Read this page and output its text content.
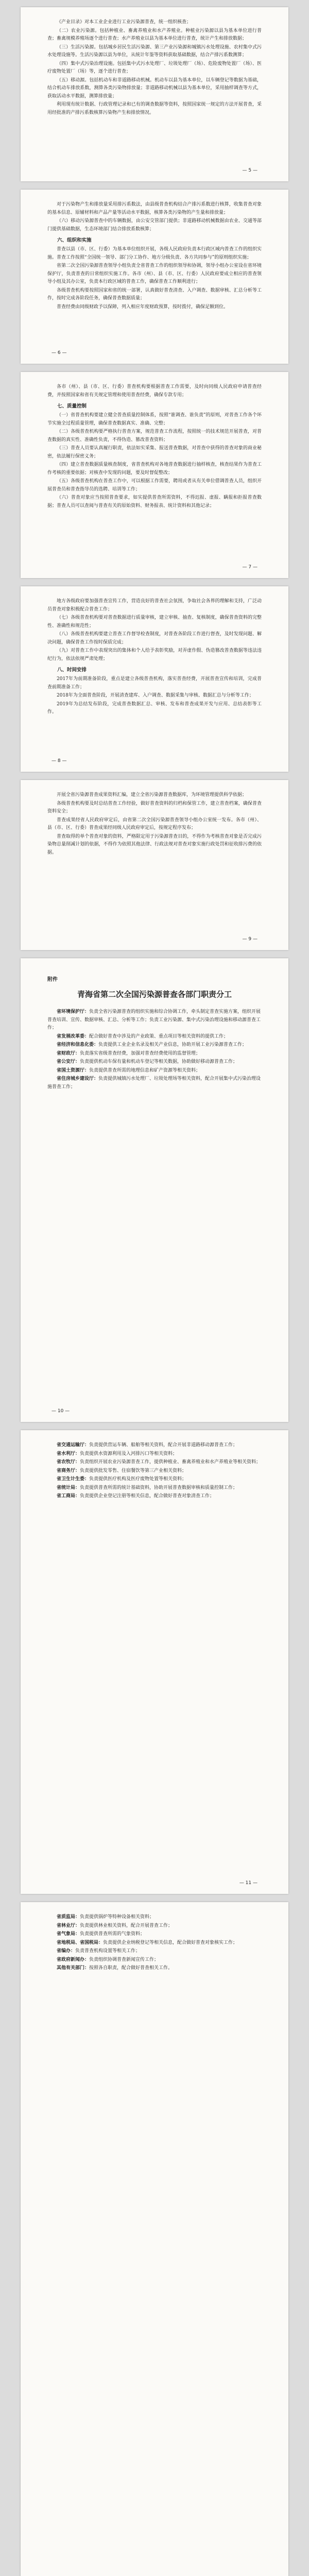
《产业目录》对本工业企业进行工业污染源普查，统一组织核查；

（二）农业污染源。包括种植业、畜禽养殖业和水产养殖业。种植业污染源以县为基本单位进行普查；畜禽规模养殖场逐个进行普查；水产养殖业以县为基本单位进行普查，统计产生和排放数据；

（三）生活污染源。包括城乡居民生活污染源、第三产业污染源和城镇污水处理设施、农村集中式污水处理设施等。生活污染源以县为单位，从统计年鉴等资料获取基础数据，结合产排污系数测算；

（四）集中式污染治理设施。包括集中式污水处理厂、垃圾处理厂（场）、危险废物处置厂（场）、医疗废物处置厂（场）等，逐个进行普查；

（五）移动源。包括机动车和非道路移动机械。机动车以县为基本单位，以车辆登记等数据为基础，结合机动车排放系数，测算各类污染物排放量；非道路移动机械以县为基本单位，采用抽样调查等方式，获取活动水平数据，测算排放量；

利用现有统计数据、行政管理记录和已有的调查数据等资料，按照国家统一规定的方法开展普查，采用经批准的产排污系数核算污染物产生和排放情况。

— 5 —

对于污染物产生和排放量采用排污系数法，由县级普查机构结合产排污系数进行核算，收集普查对象的基本信息、原辅材料和产品产量等活动水平数据，核算各类污染物的产生量和排放量；

（六）移动污染源普查中的车辆数据，由公安交管部门提供；非道路移动机械数据由农业、交通等部门提供基础数据，生态环境部门结合排放系数核算；

六、组织和实施

普查以县（市、区、行委）为基本单位组织开展，各级人民政府负责本行政区域内普查工作的组织实施。普查工作按照“全国统一领导、部门分工协作、地方分级负责、各方共同参与”的原则组织实施；

省第二次全国污染源普查领导小组负责全省普查工作的组织领导和协调，领导小组办公室设在省环境保护厅，负责普查的日常组织实施工作。各市（州）、县（市、区、行委）人民政府要成立相应的普查领导小组及其办公室，负责本行政区域的普查工作，确保普查工作顺利进行；

各级普查机构要按照国家和省的统一部署，认真做好普查清查、入户调查、数据审核、汇总分析等工作，按时完成各阶段任务，确保普查数据质量；

普查经费由同级财政予以保障，列入相应年度财政预算，按时拨付，确保足额到位。

— 6 —

各市（州）、县（市、区、行委）普查机构要根据普查工作需要，及时向同级人民政府申请普查经费，并按照国家和省有关规定管理和使用普查经费，确保专款专用；

七、质量控制

（一）省普查机构要建立健全普查质量控制体系，按照“谁调查、谁负责”的原则，对普查工作各个环节实施全过程质量管理，确保普查数据真实、准确、完整；

（二）各级普查机构要严格执行普查方案，规范普查工作流程，按照统一的技术规范开展普查，对普查数据的真实性、准确性负责，不得伪造、篡改普查资料；

（三）普查人员要认真履行职责，依法如实采集、报送普查数据，对普查中获得的普查对象的商业秘密，依法履行保密义务；

（四）建立普查数据质量核查制度，省普查机构对各地普查数据进行抽样核查，核查结果作为普查工作考核的重要依据；对核查中发现的问题，要及时督促整改；

（五）各级普查机构在普查工作中，可以根据工作需要，聘用或者从有关单位借调普查人员，组织开展普查员和普查指导员的选聘、培训等工作；

（六）普查对象应当按照普查要求，如实提供普查所需资料，不得迟报、虚报、瞒报和拒报普查数据；普查人员可以查阅与普查有关的原始资料、财务报表、统计资料和其他记录；

— 7 —

地方各级政府要加强普查宣传工作，营造良好的普查社会氛围，争取社会各界的理解和支持，广泛动员普查对象积极配合普查工作；

（七）各级普查机构要对普查数据进行质量审核，建立审核、抽查、复核制度，确保普查资料的完整性、准确性和规范性；

（八）各级普查机构要建立普查工作督导检查制度，对普查各阶段工作进行督查，及时发现问题、解决问题，确保普查工作按时保质完成；

（九）对普查工作中表现突出的集体和个人给予表彰奖励，对弄虚作假、伪造篡改普查数据等违法违纪行为，依法依规严肃处理；

八、时间安排

2017年为前期准备阶段，重点是建立各级普查机构，落实普查经费，开展普查宣传和培训，完成普查前期准备工作；

2018年为全面普查阶段，开展清查建库、入户调查、数据采集与审核、数据汇总与分析等工作；

2019年为总结发布阶段，完成普查数据汇总、审核、发布和普查成果开发与应用、总结表彰等工作。

— 8 —

开展全省污染源普查成果资料汇编，建立全省污染源普查数据库，为环境管理提供科学依据；

各级普查机构要及时总结普查工作经验，做好普查资料的归档和保管工作，建立普查档案，确保普查资料安全；

普查成果经省人民政府审定后，由省第二次全国污染源普查领导小组办公室统一发布。各市（州）、县（市、区、行委）普查成果经同级人民政府审定后，按规定程序发布；

普查取得的单个普查对象的资料，严格限定用于污染源普查目的，不得作为考核普查对象是否完成污染物总量削减计划的依据，不得作为依照其他法律、行政法规对普查对象实施行政处罚和征收排污费的依据。

— 9 —
附件
青海省第二次全国污染源普查各部门职责分工

省环境保护厅：负责全省污染源普查的组织实施和综合协调工作，牵头制定普查实施方案，组织开展普查培训、宣传、数据审核、汇总、分析等工作；负责工业污染源、集中式污染治理设施和移动源普查工作；

省发展改革委：配合做好普查中涉及的产业政策、重点项目等相关资料的提供工作；

省经济和信息化委：负责提供工业企业名录及相关产业信息，协助开展工业污染源普查工作；

省财政厅：负责落实省级普查经费，加强对普查经费使用的监督管理；

省公安厅：负责提供机动车保有量和机动车登记等相关数据，协助做好移动源普查工作；

省国土资源厅：负责提供普查所需的地理信息和矿产资源等相关资料；

省住房城乡建设厅：负责提供城镇污水处理厂、垃圾处理场等相关资料，配合开展集中式污染治理设施普查工作；

— 10 —

省交通运输厅：负责提供营运车辆、船舶等相关资料，配合开展非道路移动源普查工作；

省水利厅：负责提供水资源利用及入河排污口等相关资料；

省农牧厅：负责组织开展农业污染源普查工作，提供种植业、畜禽养殖业和水产养殖业等相关资料；

省商务厅：负责提供批发零售、住宿餐饮等第三产业相关资料；

省卫生计生委：负责提供医疗机构及医疗废物处置等相关资料；

省统计局：负责提供普查所需的统计基础资料，协助开展普查数据审核和质量控制工作；

省工商局：负责提供企业登记注册等相关信息，配合做好普查对象清查工作；

— 11 —

省质监局：负责提供锅炉等特种设备相关资料；

省林业厅：负责提供林业相关资料，配合开展普查工作；

省气象局：负责提供普查所需的气象资料；

省地税局、省国税局：负责提供企业纳税登记等相关信息，配合做好普查对象核实工作；

省编办：负责普查机构设置等相关工作；

省政府新闻办：负责组织协调普查新闻宣传工作；

其他有关部门：按照各自职责，配合做好普查相关工作。
